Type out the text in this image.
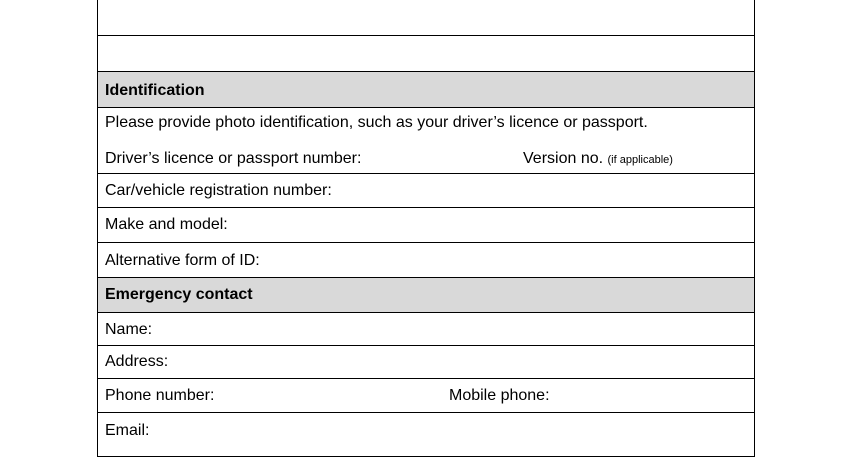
Identification
Please provide photo identification, such as your driver’s licence or passport.
Driver’s licence or passport number:	Version no. (if applicable)
Car/vehicle registration number:
Make and model:
Alternative form of ID:
Emergency contact
Name:
Address:
Phone number:	Mobile phone:
Email:
